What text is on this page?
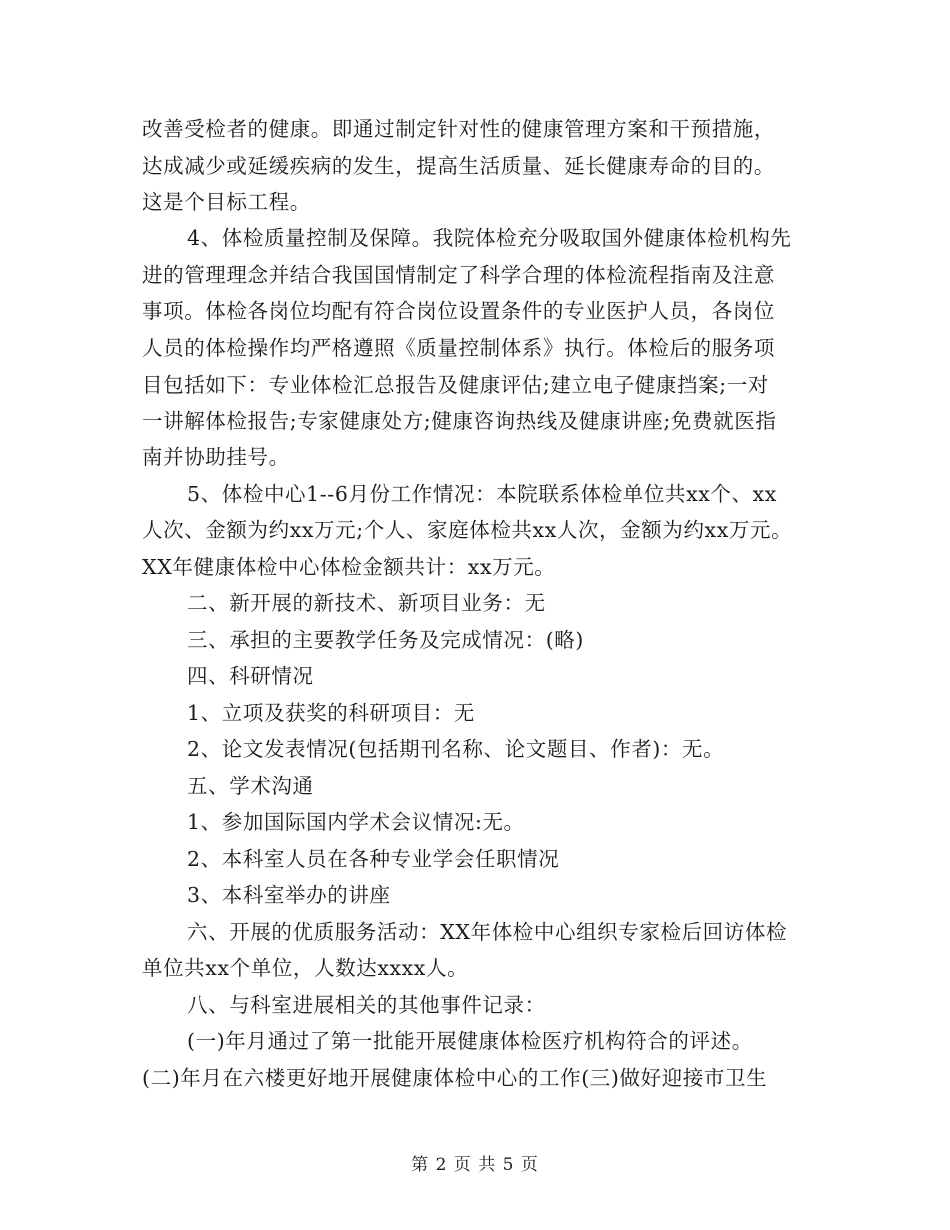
改善受检者的健康。即通过制定针对性的健康管理方案和干预措施，
达成减少或延缓疾病的发生，提高生活质量、延长健康寿命的目的。
这是个目标工程。
4、体检质量控制及保障。我院体检充分吸取国外健康体检机构先
进的管理理念并结合我国国情制定了科学合理的体检流程指南及注意
事项。体检各岗位均配有符合岗位设置条件的专业医护人员，各岗位
人员的体检操作均严格遵照《质量控制体系》执行。体检后的服务项
目包括如下：专业体检汇总报告及健康评估;建立电子健康挡案;一对
一讲解体检报告;专家健康处方;健康咨询热线及健康讲座;免费就医指
南并协助挂号。
5、体检中心1--6月份工作情况：本院联系体检单位共xx个、xx
人次、金额为约xx万元;个人、家庭体检共xx人次，金额为约xx万元。
XX年健康体检中心体检金额共计：xx万元。
二、新开展的新技术、新项目业务：无
三、承担的主要教学任务及完成情况：(略)
四、科研情况
1、立项及获奖的科研项目：无
2、论文发表情况(包括期刊名称、论文题目、作者)：无。
五、学术沟通
1、参加国际国内学术会议情况:无。
2、本科室人员在各种专业学会任职情况
3、本科室举办的讲座
六、开展的优质服务活动：XX年体检中心组织专家检后回访体检
单位共xx个单位，人数达xxxx人。
八、与科室进展相关的其他事件记录：
(一)年月通过了第一批能开展健康体检医疗机构符合的评述。
(二)年月在六楼更好地开展健康体检中心的工作(三)做好迎接市卫生
第 2 页 共 5 页
